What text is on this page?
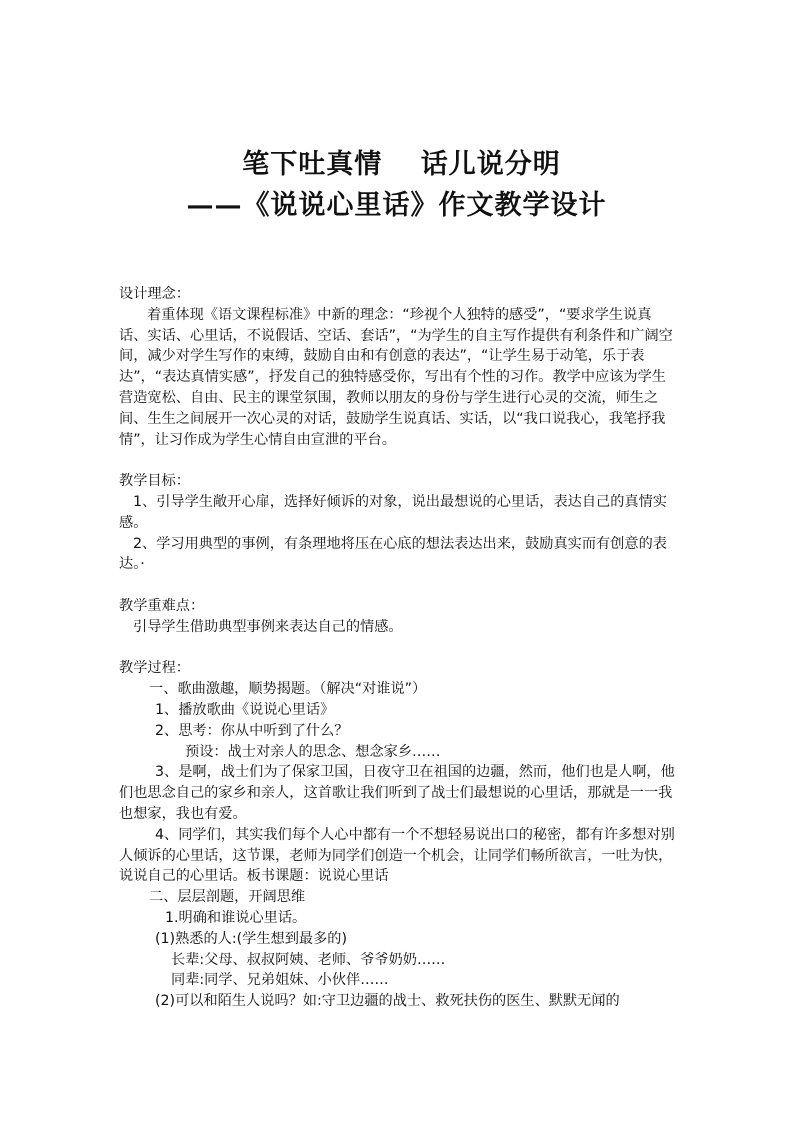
笔下吐真情　 话儿说分明
——《说说心里话》作文教学设计

设计理念：

着重体现《语文课程标准》中新的理念：“珍视个人独特的感受”，“要求学生说真话、实话、心里话，不说假话、空话、套话”，“为学生的自主写作提供有利条件和广阔空间，减少对学生写作的束缚，鼓励自由和有创意的表达”，“让学生易于动笔，乐于表达”，“表达真情实感”，抒发自己的独特感受你，写出有个性的习作。教学中应该为学生营造宽松、自由、民主的课堂氛围，教师以朋友的身份与学生进行心灵的交流，师生之间、生生之间展开一次心灵的对话，鼓励学生说真话、实话，以“我口说我心，我笔抒我情”，让习作成为学生心情自由宣泄的平台。

教学目标：

1、引导学生敞开心扉，选择好倾诉的对象，说出最想说的心里话，表达自己的真情实感。

2、学习用典型的事例，有条理地将压在心底的想法表达出来，鼓励真实而有创意的表达。·

教学重难点：

引导学生借助典型事例来表达自己的情感。

教学过程：

一、歌曲激趣，顺势揭题。（解决“对谁说”）

1、播放歌曲《说说心里话》

2、思考：你从中听到了什么？

预设：战士对亲人的思念、想念家乡……

3、是啊，战士们为了保家卫国，日夜守卫在祖国的边疆，然而，他们也是人啊，他们也思念自己的家乡和亲人，这首歌让我们听到了战士们最想说的心里话，那就是一一我也想家，我也有爱。

4、同学们，其实我们每个人心中都有一个不想轻易说出口的秘密，都有许多想对别人倾诉的心里话，这节课，老师为同学们创造一个机会，让同学们畅所欲言，一吐为快，说说自己的心里话。板书课题：说说心里话

二、层层剖题，开阔思维

1.明确和谁说心里话。

(1)熟悉的人:(学生想到最多的)

长辈:父母、叔叔阿姨、老师、爷爷奶奶……

同辈:同学、兄弟姐妹、小伙伴……

(2)可以和陌生人说吗？如:守卫边疆的战士、救死扶伤的医生、默默无闻的
